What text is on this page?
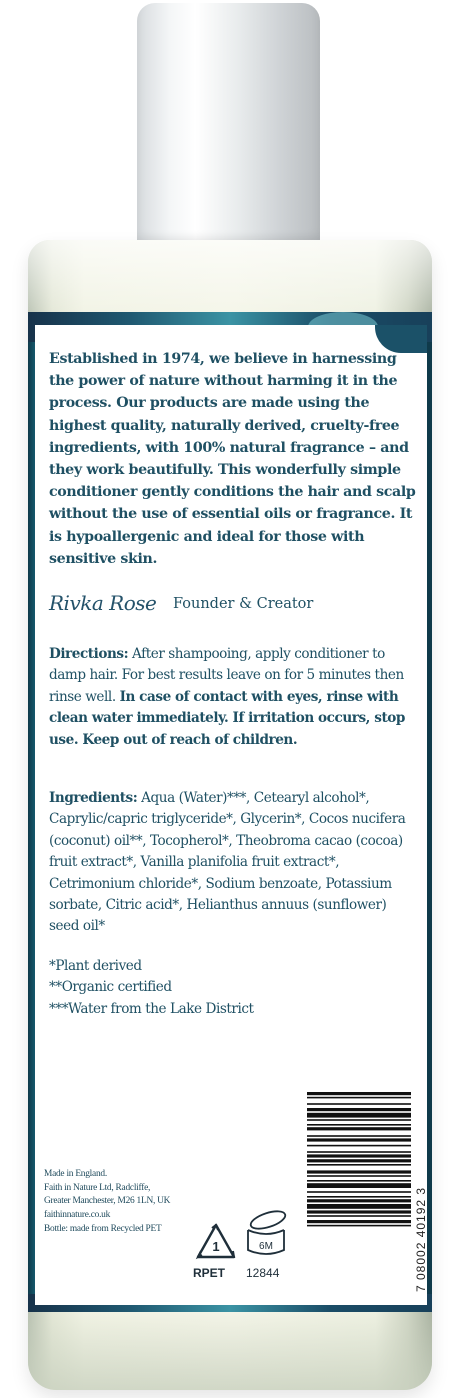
Established in 1974, we believe in harnessing the power of nature without harming it in the process. Our products are made using the highest quality, naturally derived, cruelty-free ingredients, with 100% natural fragrance – and they work beautifully. This wonderfully simple conditioner gently conditions the hair and scalp without the use of essential oils or fragrance. It is hypoallergenic and ideal for those with sensitive skin.

Rivka Rose Founder & Creator

Directions: After shampooing, apply conditioner to damp hair. For best results leave on for 5 minutes then rinse well. In case of contact with eyes, rinse with clean water immediately. If irritation occurs, stop use. Keep out of reach of children.

Ingredients: Aqua (Water)***, Cetearyl alcohol*, Caprylic/capric triglyceride*, Glycerin*, Cocos nucifera (coconut) oil**, Tocopherol*, Theobroma cacao (cocoa) fruit extract*, Vanilla planifolia fruit extract*, Cetrimonium chloride*, Sodium benzoate, Potassium sorbate, Citric acid*, Helianthus annuus (sunflower) seed oil*

*Plant derived
**Organic certified
***Water from the Lake District
7 08002 40192 3
Made in England.
Faith in Nature Ltd, Radcliffe,
Greater Manchester, M26 1LN, UK
faithinnature.co.uk
Bottle: made from Recycled PET
1
RPET
6M
12844
